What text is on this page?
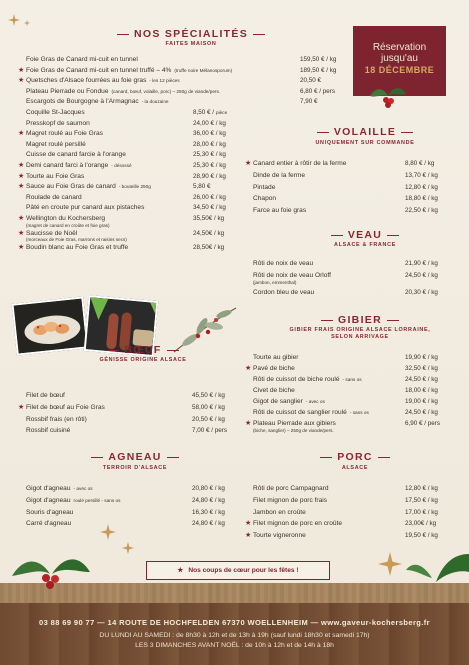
NOS SPÉCIALITÉS
FAITES MAISON
Foie Gras de Canard mi-cuit en tunnel	159,50 € / kg
★ Foie Gras de Canard mi-cuit en tunnel truffé – 4% (truffe noire Mélanosporum)	189,50 € / kg
★ Quetsches d'Alsace fourrées au foie gras - les 12 pièces	20,50 €
Plateau Pierrade ou Fondue (canard, bœuf, volaille, porc) – 250g de viande/pers.	6,80 € / pers
Escargots de Bourgogne à l'Armagnac - la douzaine	7,90 €
Coquille St-Jacques	8,50 € / pièce
Presskopf de saumon	24,00 € / kg
★ Magret roulé au Foie Gras	36,00 € / kg
Magret roulé persillé	28,00 € / kg
Cuisse de canard farcie à l'orange	25,30 € / kg
★ Demi canard farci à l'orange - désossé	25,30 € / kg
★ Tourte au Foie Gras	28,90 € / kg
★ Sauce au Foie Gras de canard - bouteille 250g	5,80 €
Roulade de canard	26,00 € / kg
Pâté en croute pur canard aux pistaches	34,50 € / kg
★ Wellington du Kochersberg	35,50€ / kg
(magret de canard en croûte et foie gras)
★ Saucisse de Noël	24,50€ / kg
(morceaux de Foie Gras, marrons et raisins secs)
★ Boudin blanc au Foie Gras et truffe	28,50€ / kg
Réservation
jusqu'au
18 DÉCEMBRE
VOLAILLE
UNIQUEMENT SUR COMMANDE
★ Canard entier à rôtir de la ferme	8,80 € / kg
Dinde de la ferme	13,70 € / kg
Pintade	12,80 € / kg
Chapon	18,80 € / kg
Farce au foie gras	22,50 € / kg
VEAU
ALSACE & FRANCE
Rôti de noix de veau	21,90 € / kg
Rôti de noix de veau Orloff	24,50 € / kg
(jambon, emmenthal)
Cordon bleu de veau	20,30 € / kg
GIBIER
GIBIER FRAIS ORIGINE ALSACE LORRAINE,
SELON ARRIVAGE
Tourte au gibier	19,90 € / kg
★ Pavé de biche	32,50 € / kg
Rôti de cuissot de biche roulé - sans os	24,50 € / kg
Civet de biche	18,00 € / kg
Gigot de sanglier - avec os	19,00 € / kg
Rôti de cuissot de sanglier roulé - sans os	24,50 € / kg
★ Plateau Pierrade aux gibiers	6,90 € / pers
(biche, sanglier) – 250g de viande/pers.
BŒUF
GÉNISSE ORIGINE ALSACE
Filet de bœuf	45,50 € / kg
★ Filet de bœuf au Foie Gras	58,00 € / kg
Rossbif frais (en rôti)	20,50 € / kg
Rossbif cuisiné	7,00 € / pers
AGNEAU
TERROIR D'ALSACE
Gigot d'agneau - avec os	20,80 € / kg
Gigot d'agneau roulé persillé - sans os	24,80 € / kg
Souris d'agneau	16,30 € / kg
Carré d'agneau	24,80 € / kg
PORC
ALSACE
Rôti de porc Campagnard	12,80 € / kg
Filet mignon de porc frais	17,50 € / kg
Jambon en croûte	17,00 € / kg
★ Filet mignon de porc en croûte	23,00€ / kg
★ Tourte vigneronne	19,50 € / kg
★ Nos coups de cœur pour les fêtes !
03 88 69 90 77 — 14 ROUTE DE HOCHFELDEN 67370 WOELLENHEIM — www.gaveur-kochersberg.fr
DU LUNDI AU SAMEDI : de 8h30 à 12h et de 13h à 19h (sauf lundi 18h30 et samedi 17h)
LES 3 DIMANCHES AVANT NOËL : de 10h à 12h et de 14h à 18h
